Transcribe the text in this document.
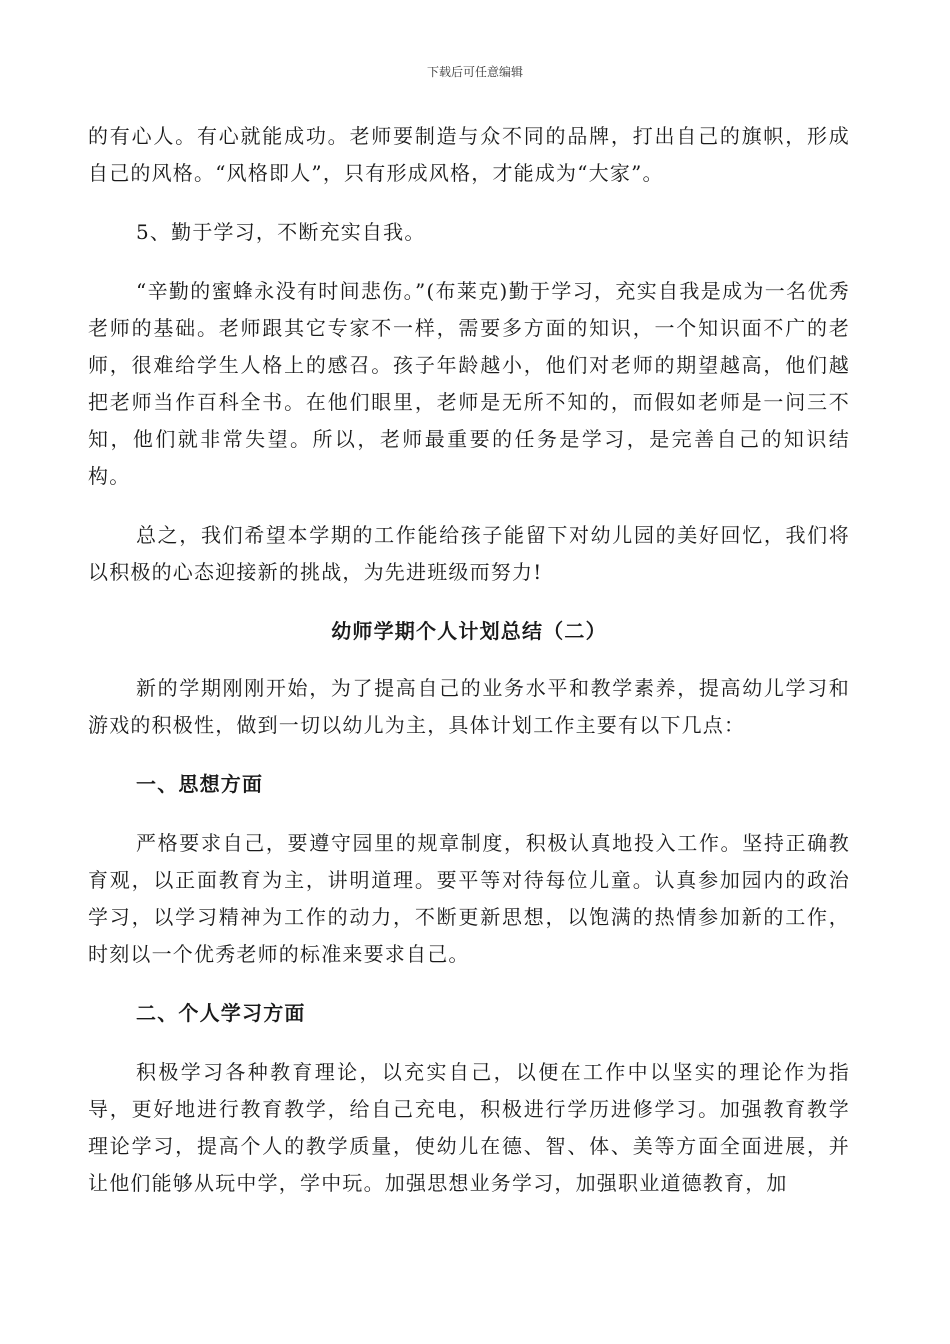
下载后可任意编辑

的有心人。有心就能成功。老师要制造与众不同的品牌，打出自己的旗帜，形成自己的风格。“风格即人”，只有形成风格，才能成为“大家”。

5、勤于学习，不断充实自我。

“辛勤的蜜蜂永没有时间悲伤。”(布莱克)勤于学习，充实自我是成为一名优秀老师的基础。老师跟其它专家不一样，需要多方面的知识，一个知识面不广的老师，很难给学生人格上的感召。孩子年龄越小，他们对老师的期望越高，他们越把老师当作百科全书。在他们眼里，老师是无所不知的，而假如老师是一问三不知，他们就非常失望。所以，老师最重要的任务是学习，是完善自己的知识结构。

总之，我们希望本学期的工作能给孩子能留下对幼儿园的美好回忆，我们将以积极的心态迎接新的挑战，为先进班级而努力!

幼师学期个人计划总结（二）

新的学期刚刚开始，为了提高自己的业务水平和教学素养，提高幼儿学习和游戏的积极性，做到一切以幼儿为主，具体计划工作主要有以下几点：

一、思想方面

严格要求自己，要遵守园里的规章制度，积极认真地投入工作。坚持正确教育观，以正面教育为主，讲明道理。要平等对待每位儿童。认真参加园内的政治学习，以学习精神为工作的动力，不断更新思想，以饱满的热情参加新的工作，时刻以一个优秀老师的标准来要求自己。

二、个人学习方面

积极学习各种教育理论，以充实自己，以便在工作中以坚实的理论作为指导，更好地进行教育教学，给自己充电，积极进行学历进修学习。加强教育教学理论学习，提高个人的教学质量，使幼儿在德、智、体、美等方面全面进展，并让他们能够从玩中学，学中玩。加强思想业务学习，加强职业道德教育，加
